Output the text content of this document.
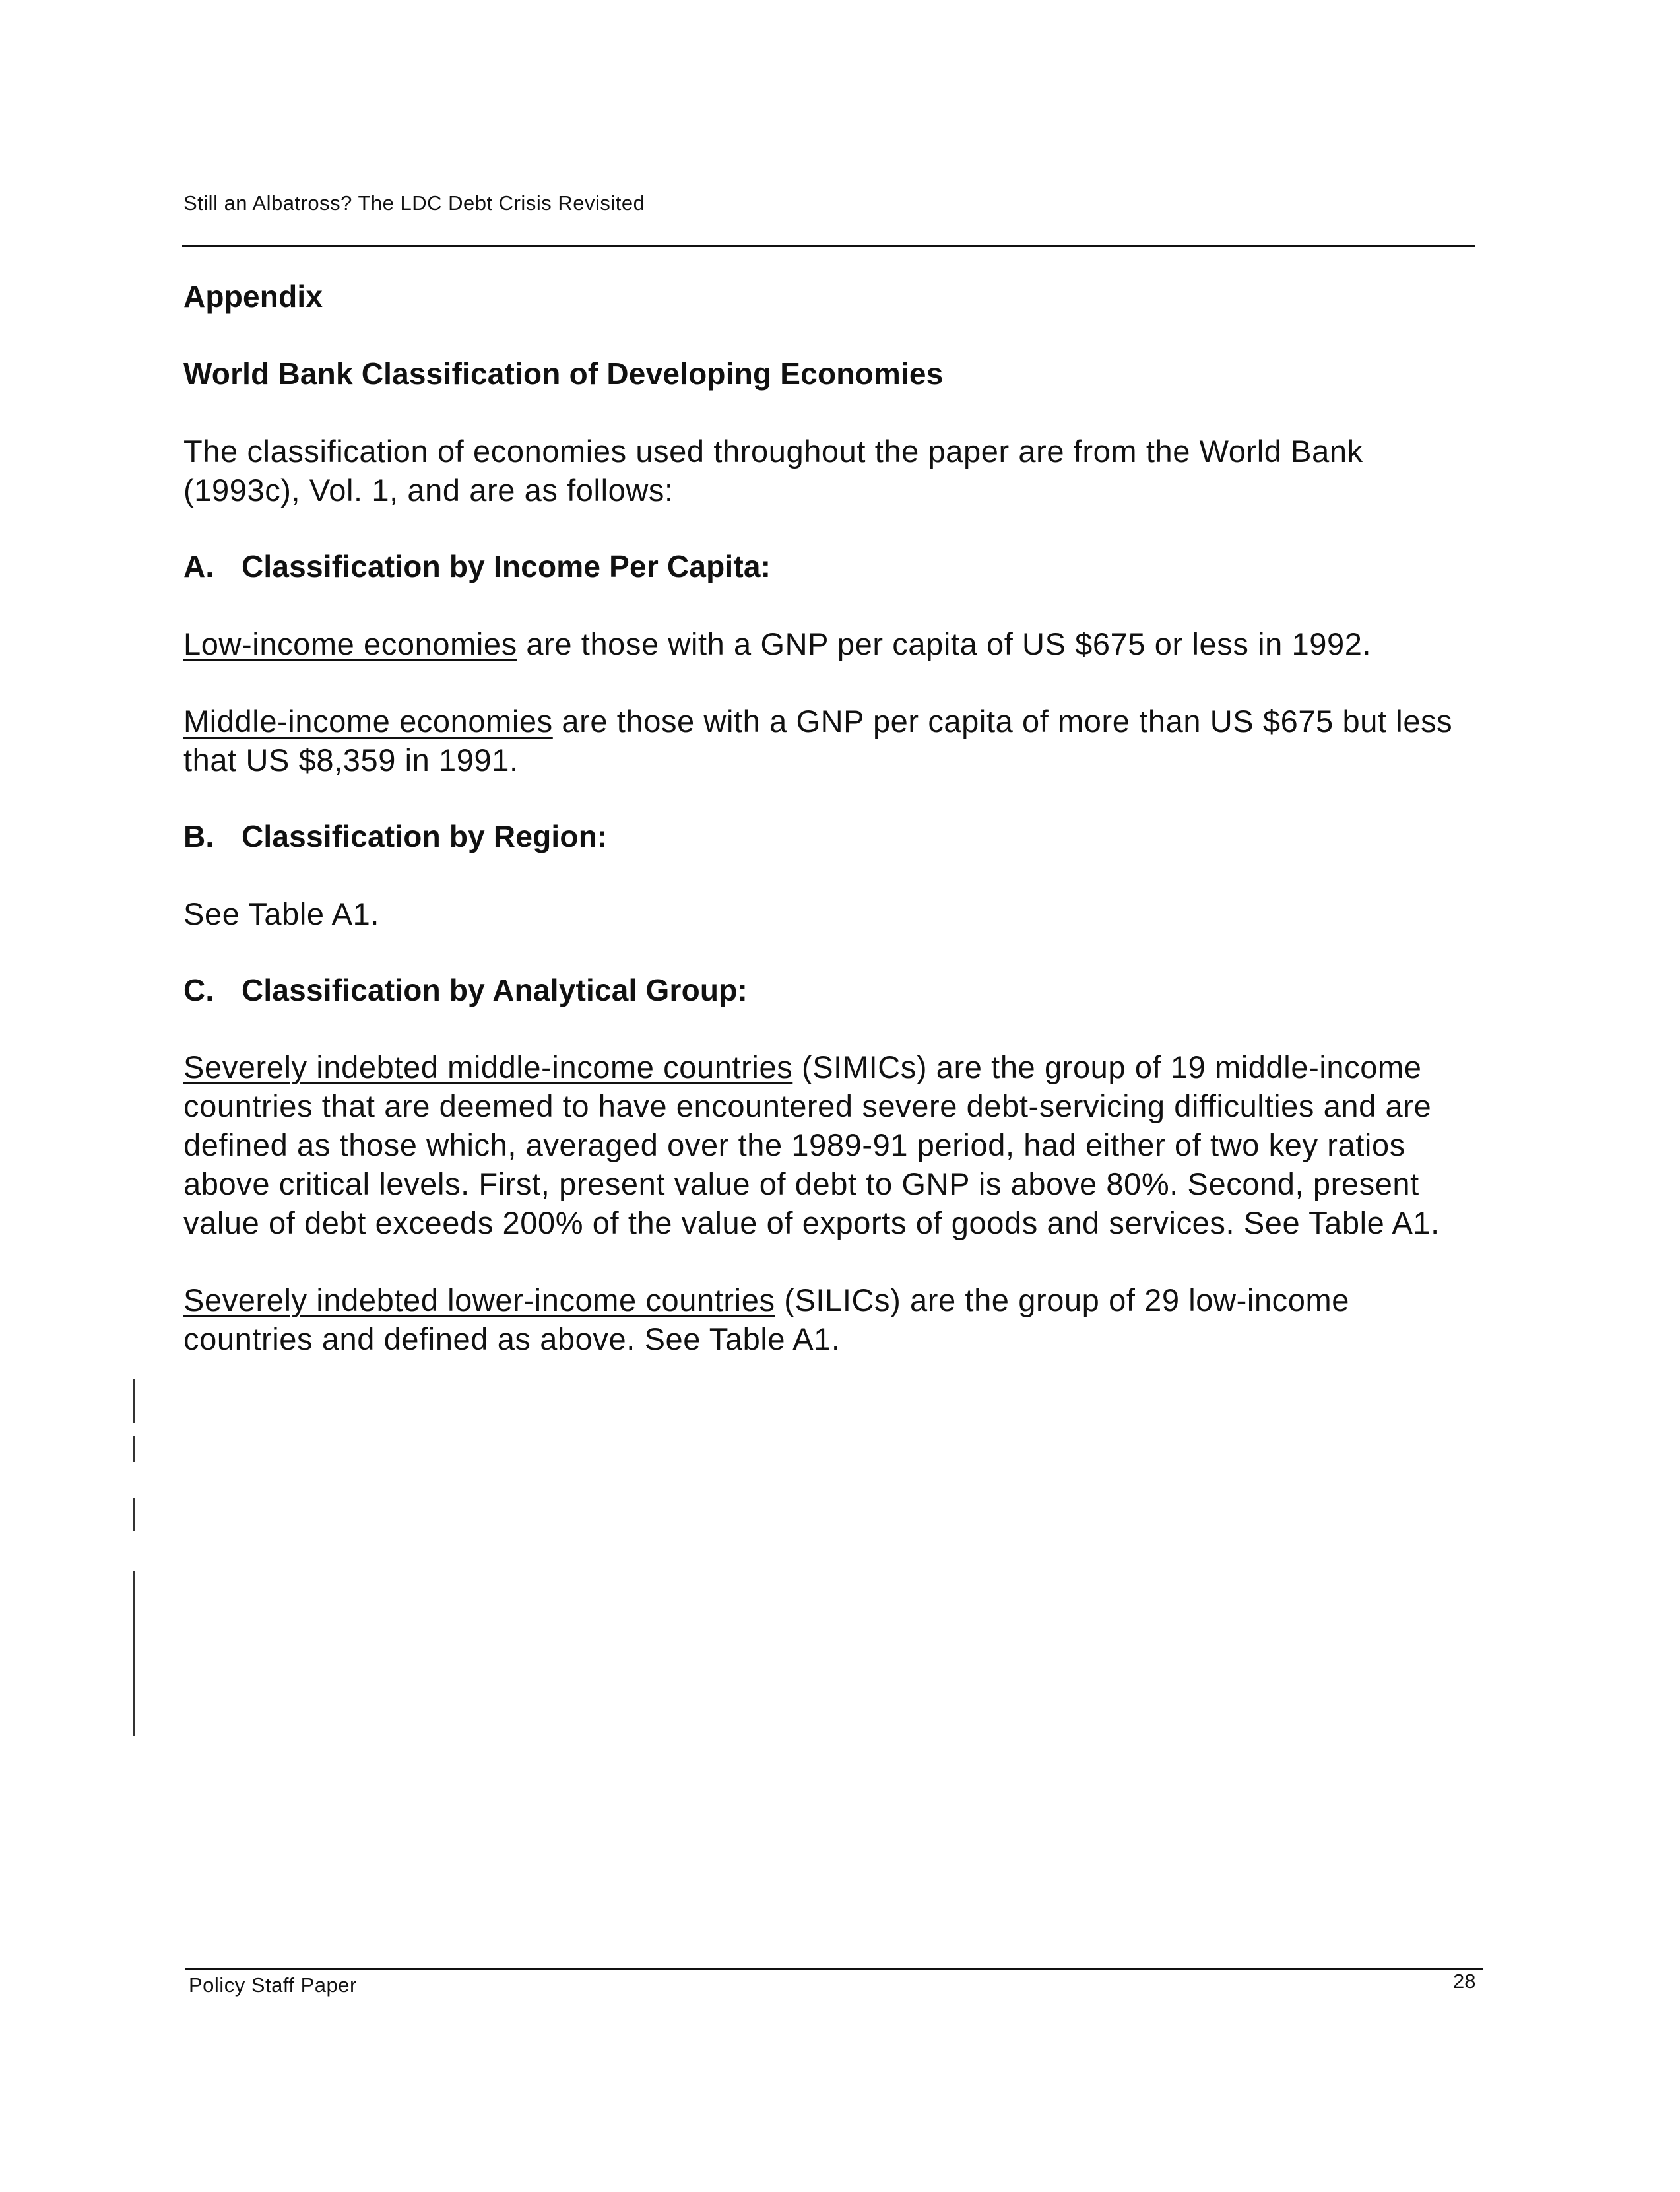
Still an Albatross? The LDC Debt Crisis Revisited
Appendix
World Bank Classification of Developing Economies

The classification of economies used throughout the paper are from the World Bank (1993c), Vol. 1, and are as follows:

A. Classification by Income Per Capita:

Low-income economies are those with a GNP per capita of US $675 or less in 1992.

Middle-income economies are those with a GNP per capita of more than US $675 but less that US $8,359 in 1991.

B. Classification by Region:

See Table A1.

C. Classification by Analytical Group:

Severely indebted middle-income countries (SIMICs) are the group of 19 middle-income countries that are deemed to have encountered severe debt-servicing difficulties and are defined as those which, averaged over the 1989-91 period, had either of two key ratios above critical levels. First, present value of debt to GNP is above 80%. Second, present value of debt exceeds 200% of the value of exports of goods and services. See Table A1.

Severely indebted lower-income countries (SILICs) are the group of 29 low-income countries and defined as above. See Table A1.

Policy Staff Paper	28
